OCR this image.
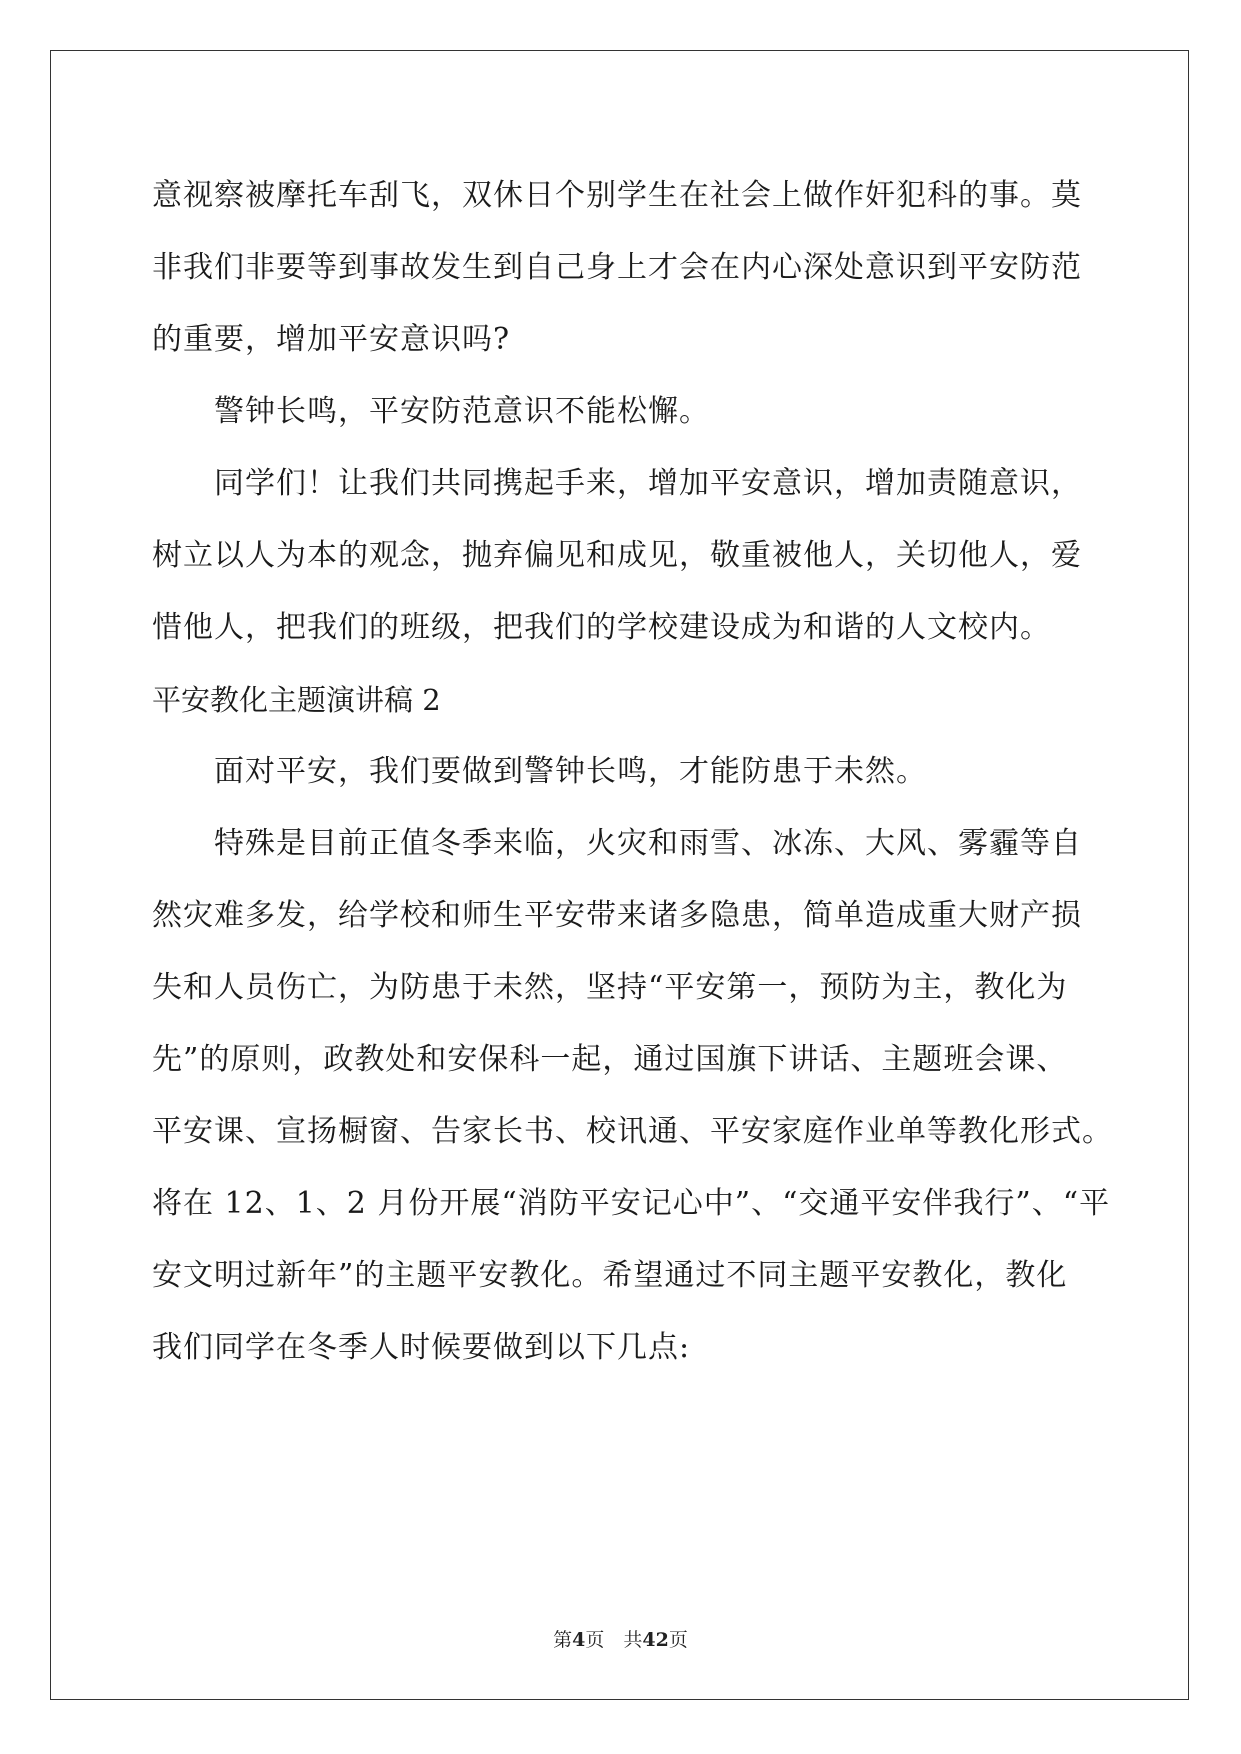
意视察被摩托车刮飞，双休日个别学生在社会上做作奸犯科的事。莫
非我们非要等到事故发生到自己身上才会在内心深处意识到平安防范
的重要，增加平安意识吗?
警钟长鸣，平安防范意识不能松懈。
同学们！让我们共同携起手来，增加平安意识，增加责随意识，
树立以人为本的观念，抛弃偏见和成见，敬重被他人，关切他人，爱
惜他人，把我们的班级，把我们的学校建设成为和谐的人文校内。
平安教化主题演讲稿 2
面对平安，我们要做到警钟长鸣，才能防患于未然。
特殊是目前正值冬季来临，火灾和雨雪、冰冻、大风、雾霾等自
然灾难多发，给学校和师生平安带来诸多隐患，简单造成重大财产损
失和人员伤亡，为防患于未然，坚持“平安第一，预防为主，教化为
先”的原则，政教处和安保科一起，通过国旗下讲话、主题班会课、
平安课、宣扬橱窗、告家长书、校讯通、平安家庭作业单等教化形式。
将在 12、1、2 月份开展“消防平安记心中”、“交通平安伴我行”、“平
安文明过新年”的主题平安教化。希望通过不同主题平安教化，教化
我们同学在冬季人时候要做到以下几点:
第4页　共42页
